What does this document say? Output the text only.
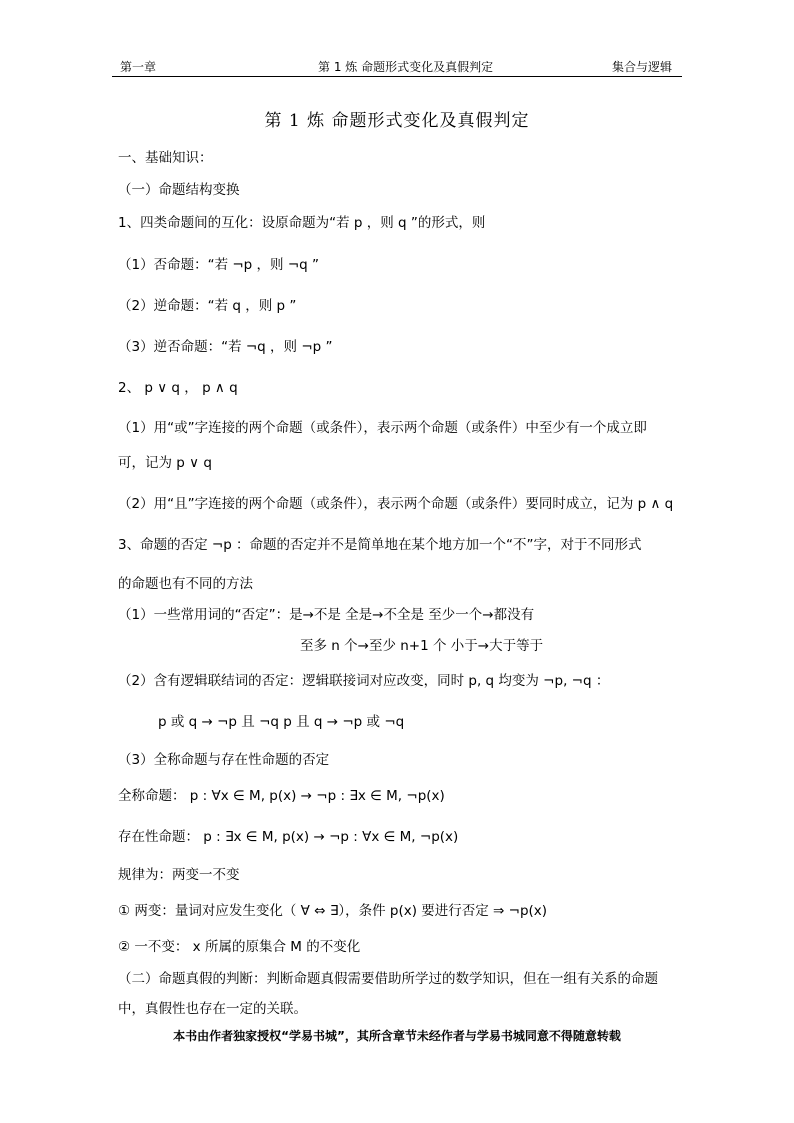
第一章	第 1 炼 命题形式变化及真假判定	集合与逻辑
第 1 炼 命题形式变化及真假判定
一、基础知识：
（一）命题结构变换
1、四类命题间的互化：设原命题为“若 p ，则 q ”的形式，则
（1）否命题：“若 ¬p ，则 ¬q ”
（2）逆命题：“若 q ，则 p ”
（3）逆否命题：“若 ¬q ，则 ¬p ”
2、 p ∨ q ， p ∧ q
（1）用“或”字连接的两个命题（或条件），表示两个命题（或条件）中至少有一个成立即
可，记为 p ∨ q
（2）用“且”字连接的两个命题（或条件），表示两个命题（或条件）要同时成立，记为 p ∧ q
3、命题的否定 ¬p ：命题的否定并不是简单地在某个地方加一个“不”字，对于不同形式
的命题也有不同的方法
（1）一些常用词的“否定”：是→不是 全是→不全是 至少一个→都没有
至多 n 个→至少 n+1 个 小于→大于等于
（2）含有逻辑联结词的否定：逻辑联接词对应改变，同时 p, q 均变为 ¬p, ¬q ：
p 或 q → ¬p 且 ¬q p 且 q → ¬p 或 ¬q
（3）全称命题与存在性命题的否定
全称命题： p : ∀x ∈ M, p(x) → ¬p : ∃x ∈ M, ¬p(x)
存在性命题： p : ∃x ∈ M, p(x) → ¬p : ∀x ∈ M, ¬p(x)
规律为：两变一不变
① 两变：量词对应发生变化（ ∀ ⇔ ∃），条件 p(x) 要进行否定 ⇒ ¬p(x)
② 一不变： x 所属的原集合 M 的不变化
（二）命题真假的判断：判断命题真假需要借助所学过的数学知识，但在一组有关系的命题
中，真假性也存在一定的关联。
本书由作者独家授权“学易书城”，其所含章节未经作者与学易书城同意不得随意转载
